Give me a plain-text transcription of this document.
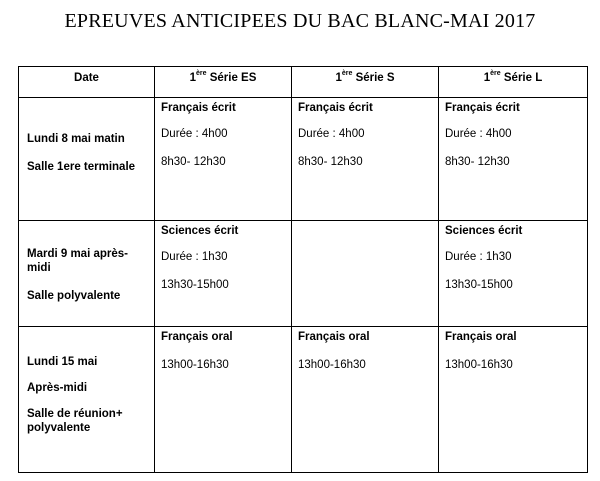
EPREUVES ANTICIPEES DU BAC BLANC-MAI 2017
Date	1ère Série ES	1ère Série S	1ère Série L

Lundi 8 mai matin
Salle 1ere terminale	Français écrit
Durée : 4h00
8h30- 12h30	Français écrit
Durée : 4h00
8h30- 12h30	Français écrit
Durée : 4h00
8h30- 12h30

Mardi 9 mai après-
midi
Salle polyvalente	Sciences écrit
Durée : 1h30
13h30-15h00		Sciences écrit
Durée : 1h30
13h30-15h00

Lundi 15 mai
Après-midi
Salle de réunion+
polyvalente	Français oral
13h00-16h30	Français oral
13h00-16h30	Français oral
13h00-16h30
